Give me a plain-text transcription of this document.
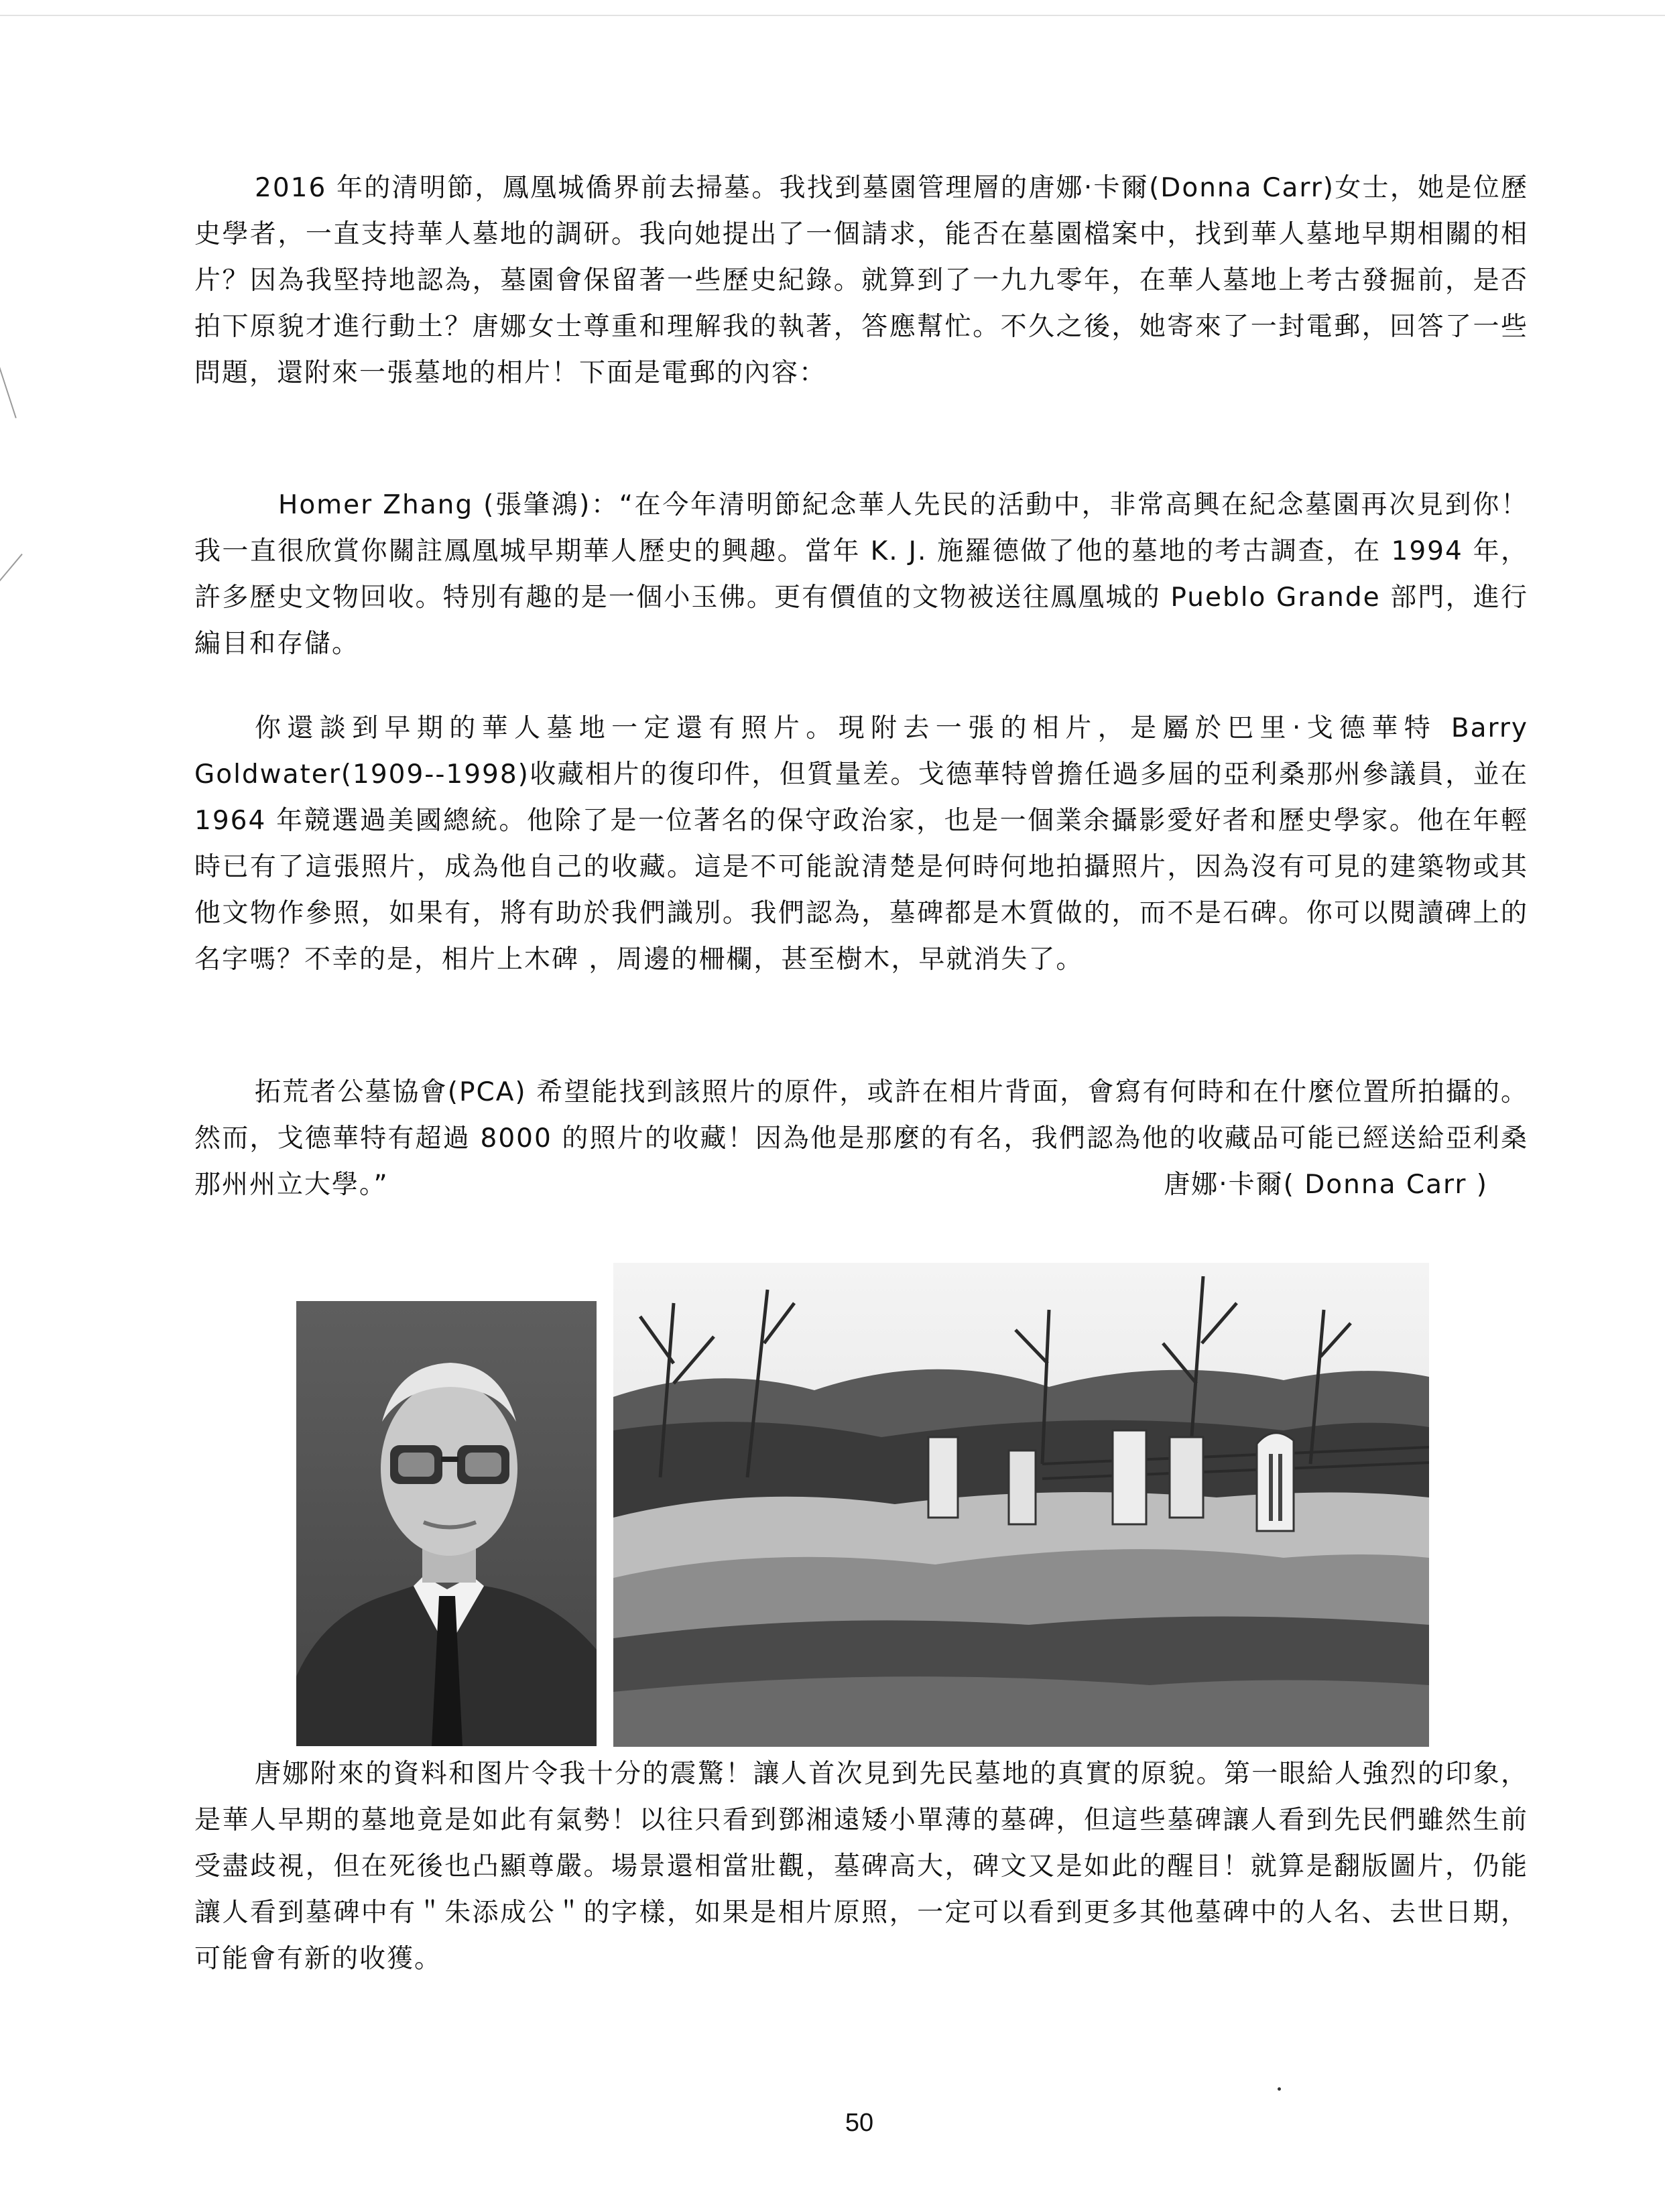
2016 年的清明節，鳳凰城僑界前去掃墓。我找到墓園管理層的唐娜‧卡爾(Donna Carr)女士，她是位歷史學者，一直支持華人墓地的調研。我向她提出了一個請求，能否在墓園檔案中，找到華人墓地早期相關的相片？因為我堅持地認為，墓園會保留著一些歷史紀錄。就算到了一九九零年，在華人墓地上考古發掘前，是否拍下原貌才進行動土？唐娜女士尊重和理解我的執著，答應幫忙。不久之後，她寄來了一封電郵，回答了一些問題，還附來一張墓地的相片！下面是電郵的內容：

Homer Zhang (張肇鴻)：“在今年清明節紀念華人先民的活動中，非常高興在紀念墓園再次見到你！我一直很欣賞你關註鳳凰城早期華人歷史的興趣。當年 K. J. 施羅德做了他的墓地的考古調查，在 1994 年，許多歷史文物回收。特別有趣的是一個小玉佛。更有價值的文物被送往鳳凰城的 Pueblo Grande 部門，進行編目和存儲。

你還談到早期的華人墓地一定還有照片。現附去一張的相片，是屬於巴里‧戈德華特 Barry Goldwater(1909--1998)收藏相片的復印件，但質量差。戈德華特曾擔任過多屆的亞利桑那州參議員，並在 1964 年競選過美國總統。他除了是一位著名的保守政治家，也是一個業余攝影愛好者和歷史學家。他在年輕時已有了這張照片，成為他自己的收藏。這是不可能說清楚是何時何地拍攝照片，因為沒有可見的建築物或其他文物作參照，如果有，將有助於我們識別。我們認為，墓碑都是木質做的，而不是石碑。你可以閱讀碑上的名字嗎？不幸的是，相片上木碑 ，周邊的柵欄，甚至樹木，早就消失了。

拓荒者公墓協會(PCA) 希望能找到該照片的原件，或許在相片背面，會寫有何時和在什麼位置所拍攝的。然而，戈德華特有超過 8000 的照片的收藏！因為他是那麼的有名，我們認為他的收藏品可能已經送給亞利桑那州州立大學。”	唐娜‧卡爾( Donna Carr )

唐娜附來的資料和图片令我十分的震驚！讓人首次見到先民墓地的真實的原貌。第一眼給人強烈的印象，是華人早期的墓地竟是如此有氣勢！以往只看到鄧湘遠矮小單薄的墓碑，但這些墓碑讓人看到先民們雖然生前受盡歧視，但在死後也凸顯尊嚴。場景還相當壯觀，墓碑高大，碑文又是如此的醒目！就算是翻版圖片，仍能讓人看到墓碑中有＂朱添成公＂的字樣，如果是相片原照，一定可以看到更多其他墓碑中的人名、去世日期，可能會有新的收獲。

50
